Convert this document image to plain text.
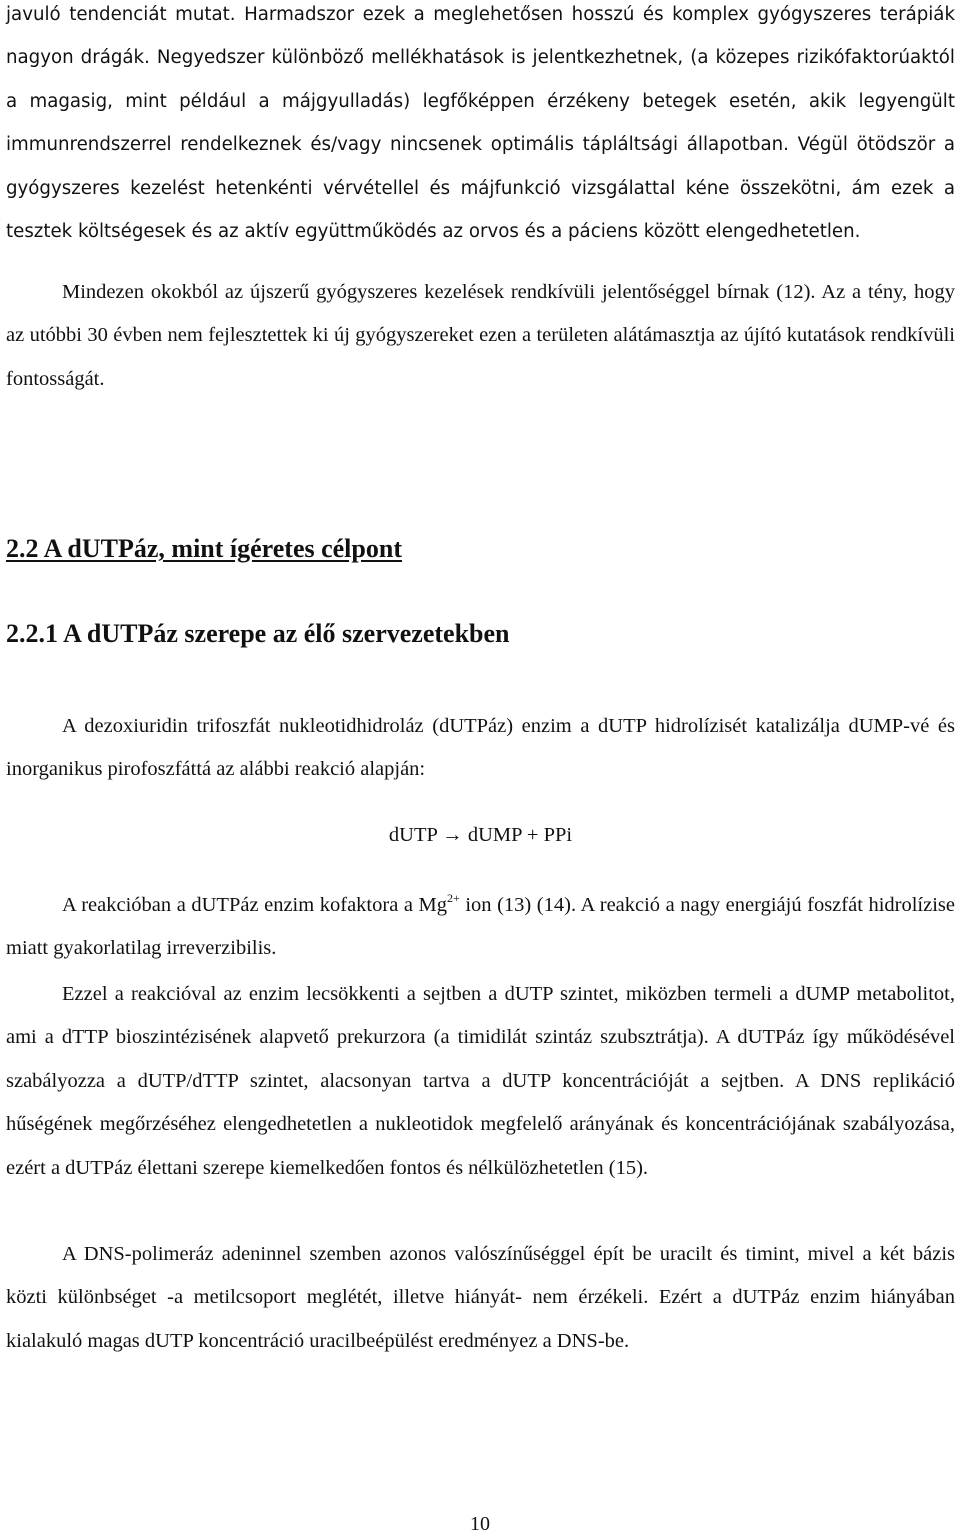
javuló tendenciát mutat. Harmadszor ezek a meglehetősen hosszú és komplex gyógyszeres terápiák nagyon drágák. Negyedszer különböző mellékhatások is jelentkezhetnek, (a közepes rizikófaktorúaktól a magasig, mint például a májgyulladás) legfőképpen érzékeny betegek esetén, akik legyengült immunrendszerrel rendelkeznek és/vagy nincsenek optimális tápláltsági állapotban. Végül ötödször a gyógyszeres kezelést hetenkénti vérvétellel és májfunkció vizsgálattal kéne összekötni, ám ezek a tesztek költségesek és az aktív együttműködés az orvos és a páciens között elengedhetetlen.

Mindezen okokból az újszerű gyógyszeres kezelések rendkívüli jelentőséggel bírnak (12). Az a tény, hogy az utóbbi 30 évben nem fejlesztettek ki új gyógyszereket ezen a területen alátámasztja az újító kutatások rendkívüli fontosságát.

2.2 A dUTPáz, mint ígéretes célpont
2.2.1 A dUTPáz szerepe az élő szervezetekben

A dezoxiuridin trifoszfát nukleotidhidroláz (dUTPáz) enzim a dUTP hidrolízisét katalizálja dUMP-vé és inorganikus pirofoszfáttá az alábbi reakció alapján:

dUTP → dUMP + PPi

A reakcióban a dUTPáz enzim kofaktora a $Mg^{2+}$ ion (13) (14). A reakció a nagy energiájú foszfát hidrolízise miatt gyakorlatilag irreverzibilis.

Ezzel a reakcióval az enzim lecsökkenti a sejtben a dUTP szintet, miközben termeli a dUMP metabolitot, ami a dTTP bioszintézisének alapvető prekurzora (a timidilát szintáz szubsztrátja). A dUTPáz így működésével szabályozza a dUTP/dTTP szintet, alacsonyan tartva a dUTP koncentrációját a sejtben. A DNS replikáció hűségének megőrzéséhez elengedhetetlen a nukleotidok megfelelő arányának és koncentrációjának szabályozása, ezért a dUTPáz élettani szerepe kiemelkedően fontos és nélkülözhetetlen (15).

A DNS-polimeráz adeninnel szemben azonos valószínűséggel épít be uracilt és timint, mivel a két bázis közti különbséget -a metilcsoport meglétét, illetve hiányát- nem érzékeli. Ezért a dUTPáz enzim hiányában kialakuló magas dUTP koncentráció uracilbeépülést eredményez a DNS-be.

10
